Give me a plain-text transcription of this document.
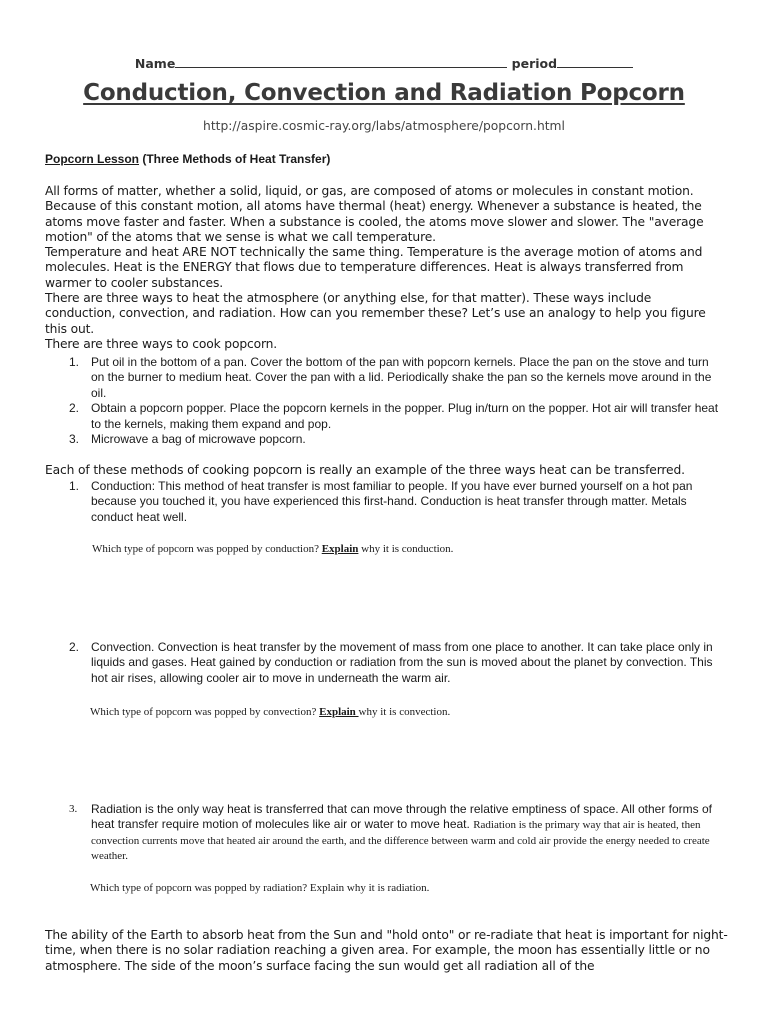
Name	period
Conduction, Convection and Radiation Popcorn
http://aspire.cosmic-ray.org/labs/atmosphere/popcorn.html
Popcorn Lesson (Three Methods of Heat Transfer)
All forms of matter, whether a solid, liquid, or gas, are composed of atoms or molecules in constant motion. Because of this constant motion, all atoms have thermal (heat) energy. Whenever a substance is heated, the atoms move faster and faster. When a substance is cooled, the atoms move slower and slower. The "average motion" of the atoms that we sense is what we call temperature.
Temperature and heat ARE NOT technically the same thing. Temperature is the average motion of atoms and molecules. Heat is the ENERGY that flows due to temperature differences. Heat is always transferred from warmer to cooler substances.
There are three ways to heat the atmosphere (or anything else, for that matter). These ways include conduction, convection, and radiation. How can you remember these? Let’s use an analogy to help you figure this out.
There are three ways to cook popcorn.
1. Put oil in the bottom of a pan. Cover the bottom of the pan with popcorn kernels. Place the pan on the stove and turn on the burner to medium heat. Cover the pan with a lid. Periodically shake the pan so the kernels move around in the oil.
2. Obtain a popcorn popper. Place the popcorn kernels in the popper. Plug in/turn on the popper. Hot air will transfer heat to the kernels, making them expand and pop.
3. Microwave a bag of microwave popcorn.
Each of these methods of cooking popcorn is really an example of the three ways heat can be transferred.
1. Conduction: This method of heat transfer is most familiar to people. If you have ever burned yourself on a hot pan because you touched it, you have experienced this first-hand. Conduction is heat transfer through matter. Metals conduct heat well.
Which type of popcorn was popped by conduction? Explain why it is conduction.
2. Convection. Convection is heat transfer by the movement of mass from one place to another. It can take place only in liquids and gases. Heat gained by conduction or radiation from the sun is moved about the planet by convection. This hot air rises, allowing cooler air to move in underneath the warm air.
Which type of popcorn was popped by convection? Explain why it is convection.
3. Radiation is the only way heat is transferred that can move through the relative emptiness of space. All other forms of heat transfer require motion of molecules like air or water to move heat. Radiation is the primary way that air is heated, then convection currents move that heated air around the earth, and the difference between warm and cold air provide the energy needed to create weather.
Which type of popcorn was popped by radiation? Explain why it is radiation.
The ability of the Earth to absorb heat from the Sun and "hold onto" or re-radiate that heat is important for night-time, when there is no solar radiation reaching a given area. For example, the moon has essentially little or no atmosphere. The side of the moon’s surface facing the sun would get all radiation all of the
